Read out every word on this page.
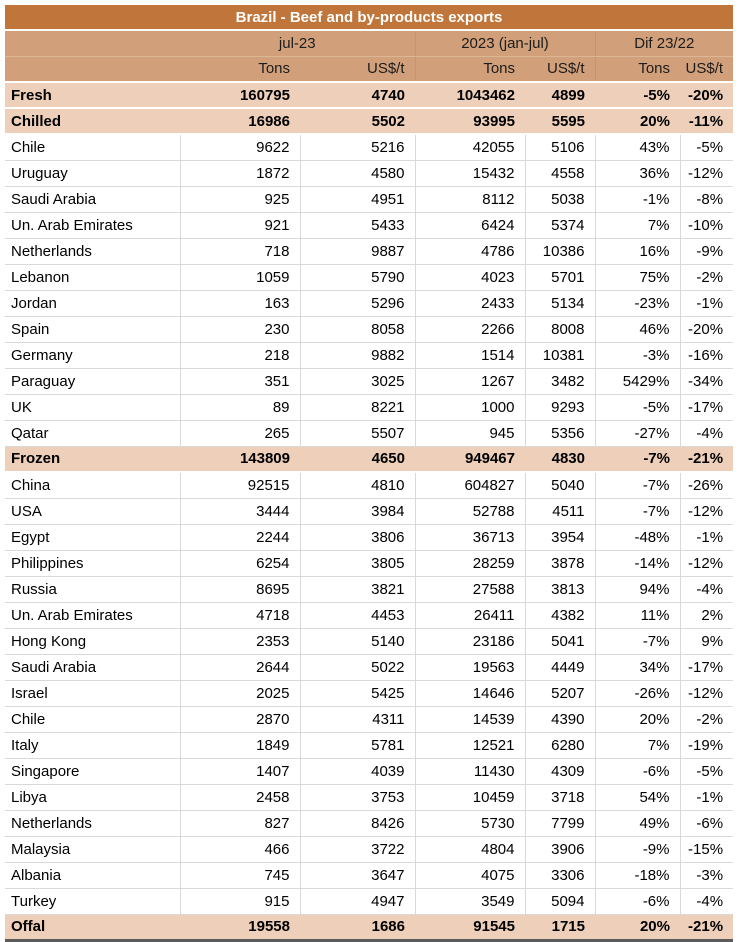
Brazil - Beef and by-products exports						
	jul-23		2023 (jan-jul)		Dif 23/22	
	Tons	US$/t	Tons	US$/t	Tons	US$/t
Fresh	160795	4740	1043462	4899	-5%	-20%
Chilled	16986	5502	93995	5595	20%	-11%
Chile	9622	5216	42055	5106	43%	-5%
Uruguay	1872	4580	15432	4558	36%	-12%
Saudi Arabia	925	4951	8112	5038	-1%	-8%
Un. Arab Emirates	921	5433	6424	5374	7%	-10%
Netherlands	718	9887	4786	10386	16%	-9%
Lebanon	1059	5790	4023	5701	75%	-2%
Jordan	163	5296	2433	5134	-23%	-1%
Spain	230	8058	2266	8008	46%	-20%
Germany	218	9882	1514	10381	-3%	-16%
Paraguay	351	3025	1267	3482	5429%	-34%
UK	89	8221	1000	9293	-5%	-17%
Qatar	265	5507	945	5356	-27%	-4%
Frozen	143809	4650	949467	4830	-7%	-21%
China	92515	4810	604827	5040	-7%	-26%
USA	3444	3984	52788	4511	-7%	-12%
Egypt	2244	3806	36713	3954	-48%	-1%
Philippines	6254	3805	28259	3878	-14%	-12%
Russia	8695	3821	27588	3813	94%	-4%
Un. Arab Emirates	4718	4453	26411	4382	11%	2%
Hong Kong	2353	5140	23186	5041	-7%	9%
Saudi Arabia	2644	5022	19563	4449	34%	-17%
Israel	2025	5425	14646	5207	-26%	-12%
Chile	2870	4311	14539	4390	20%	-2%
Italy	1849	5781	12521	6280	7%	-19%
Singapore	1407	4039	11430	4309	-6%	-5%
Libya	2458	3753	10459	3718	54%	-1%
Netherlands	827	8426	5730	7799	49%	-6%
Malaysia	466	3722	4804	3906	-9%	-15%
Albania	745	3647	4075	3306	-18%	-3%
Turkey	915	4947	3549	5094	-6%	-4%
Offal	19558	1686	91545	1715	20%	-21%
